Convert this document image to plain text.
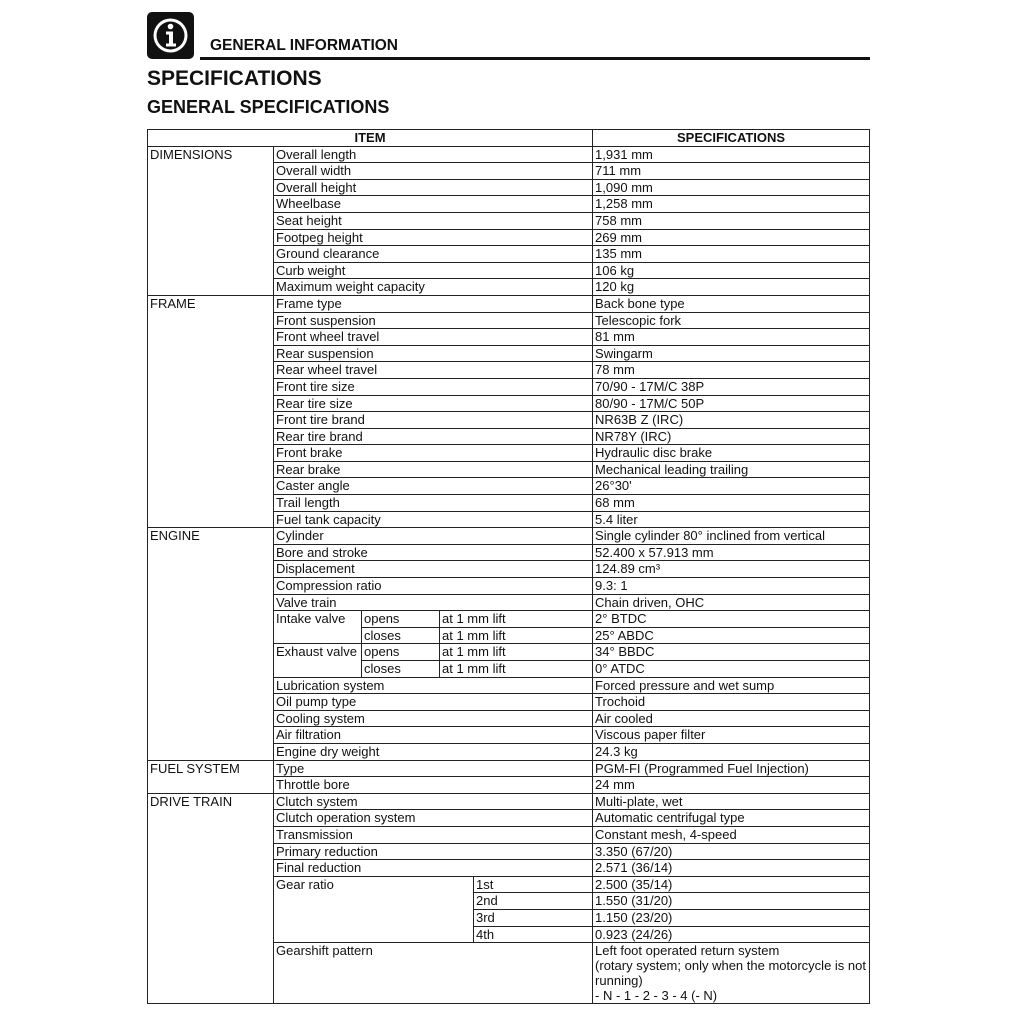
GENERAL INFORMATION
SPECIFICATIONS
GENERAL SPECIFICATIONS
ITEM					SPECIFICATIONS
DIMENSIONS	Overall length				1,931 mm
	Overall width				711 mm
	Overall height				1,090 mm
	Wheelbase				1,258 mm
	Seat height				758 mm
	Footpeg height				269 mm
	Ground clearance				135 mm
	Curb weight				106 kg
	Maximum weight capacity				120 kg
FRAME	Frame type				Back bone type
	Front suspension				Telescopic fork
	Front wheel travel				81 mm
	Rear suspension				Swingarm
	Rear wheel travel				78 mm
	Front tire size				70/90 - 17M/C 38P
	Rear tire size				80/90 - 17M/C 50P
	Front tire brand				NR63B Z (IRC)
	Rear tire brand				NR78Y (IRC)
	Front brake				Hydraulic disc brake
	Rear brake				Mechanical leading trailing
	Caster angle				26°30'
	Trail length				68 mm
	Fuel tank capacity				5.4 liter
ENGINE	Cylinder				Single cylinder 80° inclined from vertical
	Bore and stroke				52.400 x 57.913 mm
	Displacement				124.89 cm³
	Compression ratio				9.3: 1
	Valve train				Chain driven, OHC
	Intake valve	opens	at 1 mm lift		2° BTDC
		closes	at 1 mm lift		25° ABDC
	Exhaust valve	opens	at 1 mm lift		34° BBDC
		closes	at 1 mm lift		0° ATDC
	Lubrication system				Forced pressure and wet sump
	Oil pump type				Trochoid
	Cooling system				Air cooled
	Air filtration				Viscous paper filter
	Engine dry weight				24.3 kg
FUEL SYSTEM	Type				PGM-FI (Programmed Fuel Injection)
	Throttle bore				24 mm
DRIVE TRAIN	Clutch system				Multi-plate, wet
	Clutch operation system				Automatic centrifugal type
	Transmission				Constant mesh, 4-speed
	Primary reduction				3.350 (67/20)
	Final reduction				2.571 (36/14)
	Gear ratio			1st	2.500 (35/14)
				2nd	1.550 (31/20)
				3rd	1.150 (23/20)
				4th	0.923 (24/26)
	Gearshift pattern				Left foot operated return system
(rotary system; only when the motorcycle is not running)
- N - 1 - 2 - 3 - 4 (- N)
